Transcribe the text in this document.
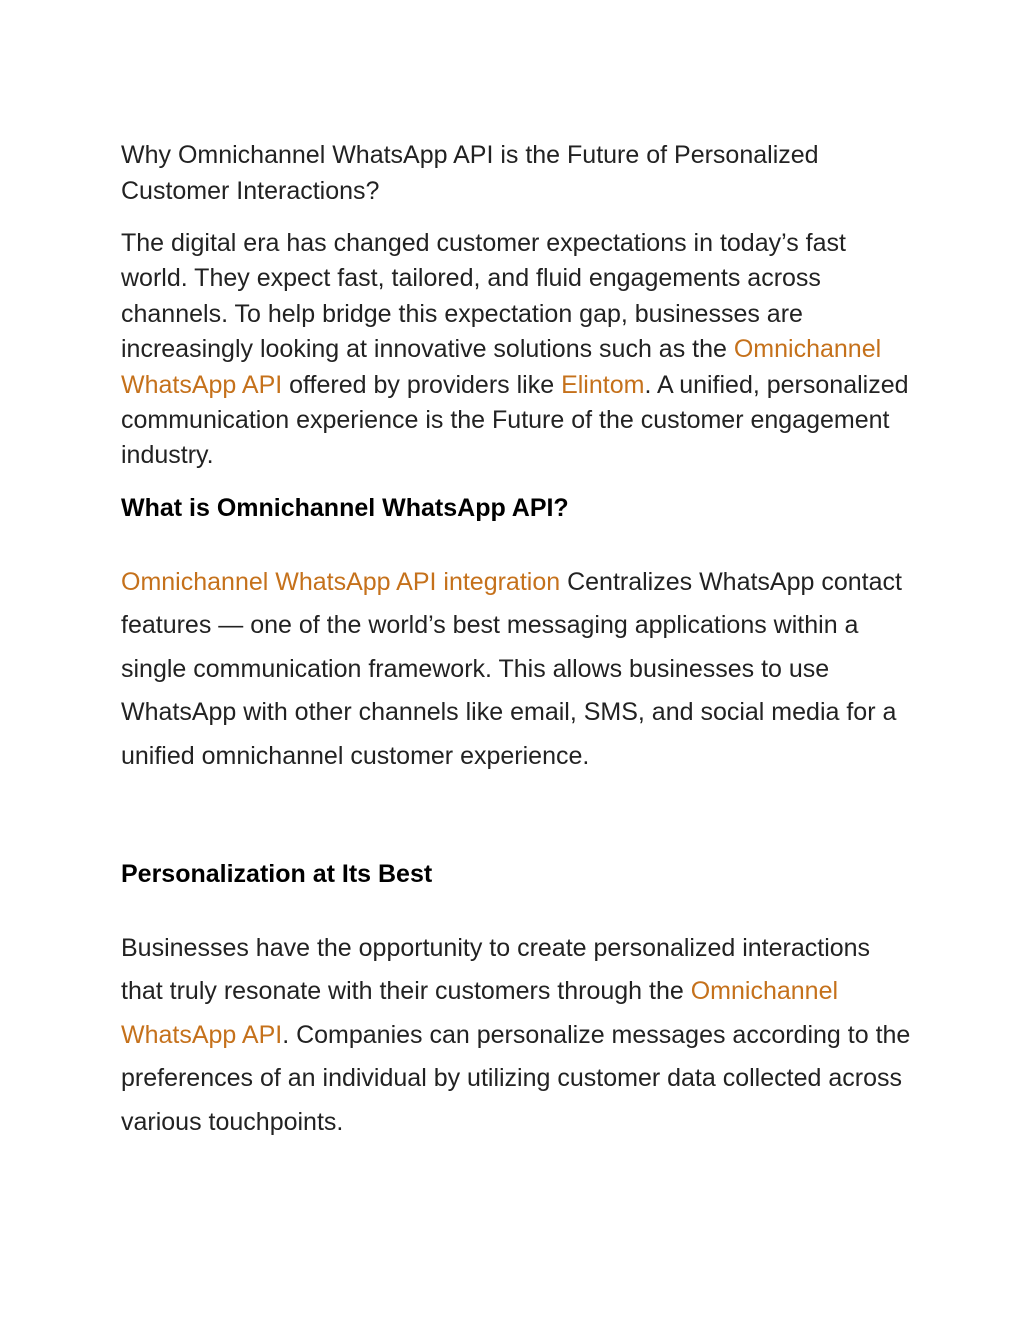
Why Omnichannel WhatsApp API is the Future of Personalized Customer Interactions?

The digital era has changed customer expectations in today’s fast world. They expect fast, tailored, and fluid engagements across channels. To help bridge this expectation gap, businesses are increasingly looking at innovative solutions such as the Omnichannel WhatsApp API offered by providers like Elintom. A unified, personalized communication experience is the Future of the customer engagement industry.

What is Omnichannel WhatsApp API?

Omnichannel WhatsApp API integration Centralizes WhatsApp contact features — one of the world’s best messaging applications within a single communication framework. This allows businesses to use WhatsApp with other channels like email, SMS, and social media for a unified omnichannel customer experience.

Personalization at Its Best

Businesses have the opportunity to create personalized interactions that truly resonate with their customers through the Omnichannel WhatsApp API. Companies can personalize messages according to the preferences of an individual by utilizing customer data collected across various touchpoints.
